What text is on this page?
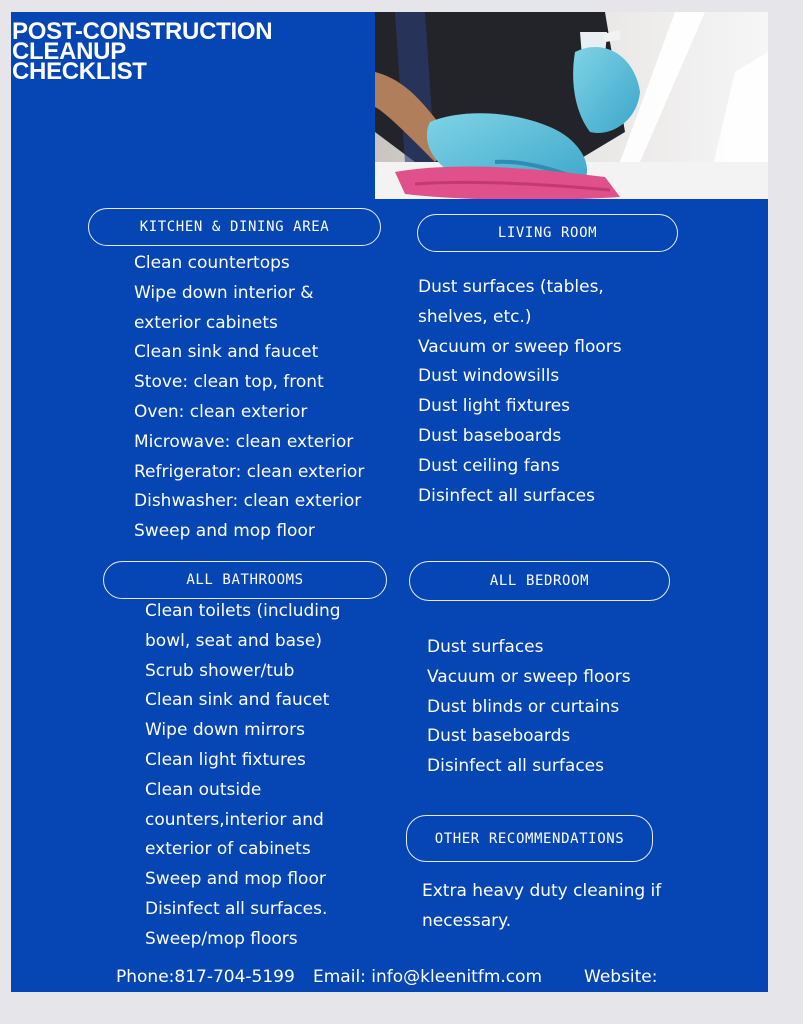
POST-CONSTRUCTION
CLEANUP
CHECKLIST
KITCHEN & DINING AREA
Clean countertops
Wipe down interior &
exterior cabinets
Clean sink and faucet
Stove: clean top, front
Oven: clean exterior
Microwave: clean exterior
Refrigerator: clean exterior
Dishwasher: clean exterior
Sweep and mop floor
LIVING ROOM
Dust surfaces (tables,
shelves, etc.)
Vacuum or sweep floors
Dust windowsills
Dust light fixtures
Dust baseboards
Dust ceiling fans
Disinfect all surfaces
ALL BATHROOMS
Clean toilets (including
bowl, seat and base)
Scrub shower/tub
Clean sink and faucet
Wipe down mirrors
Clean light fixtures
Clean outside
counters,interior and
exterior of cabinets
Sweep and mop floor
Disinfect all surfaces.
Sweep/mop floors
ALL BEDROOM
Dust surfaces
Vacuum or sweep floors
Dust blinds or curtains
Dust baseboards
Disinfect all surfaces
OTHER RECOMMENDATIONS

Extra heavy duty cleaning if
necessary.

Phone:817-704-5199 Email: info@kleenitfm.com Website:
